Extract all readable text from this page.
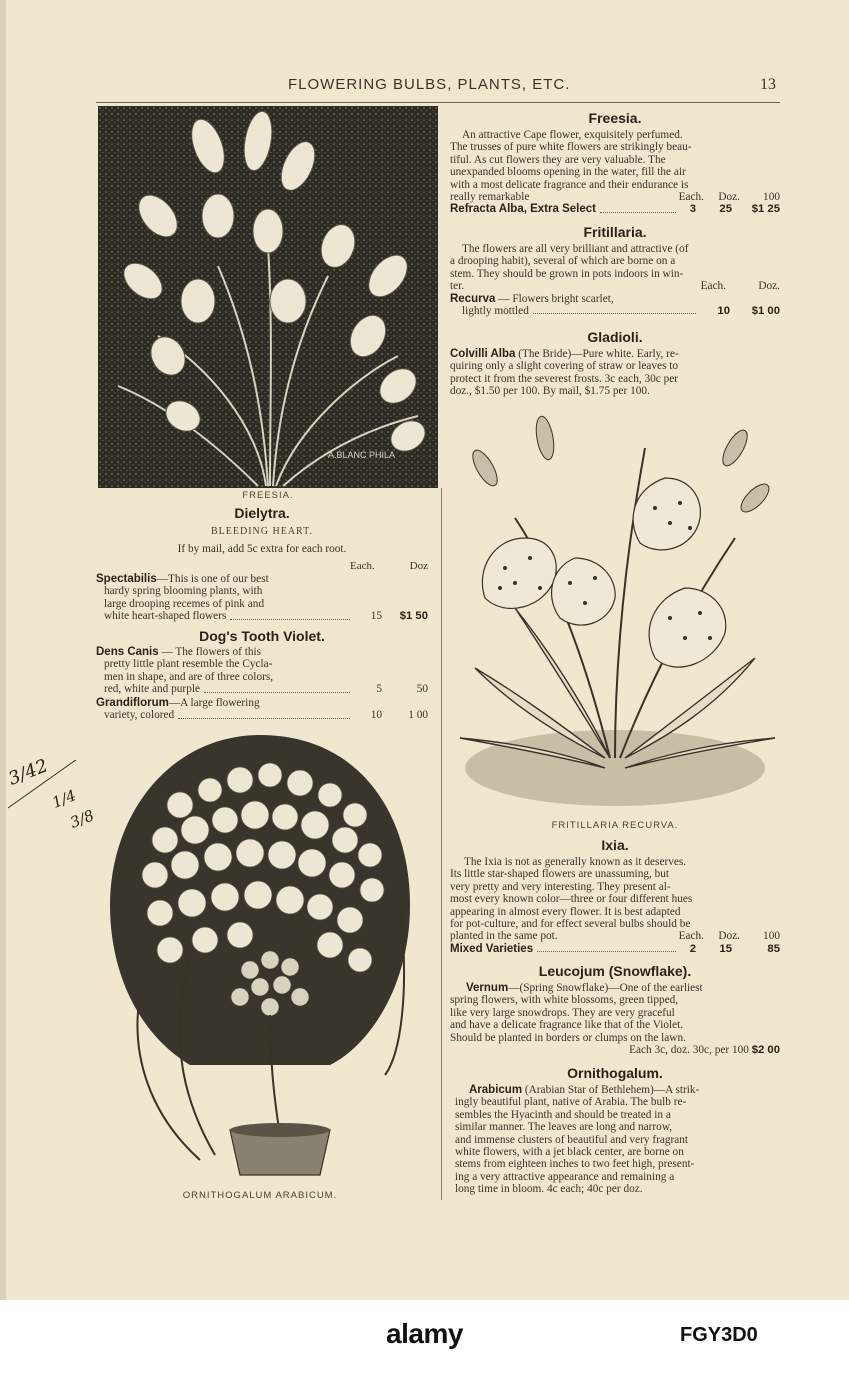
FLOWERING BULBS, PLANTS, ETC.	13
A.BLANC PHILA
FREESIA.
Dielytra.
BLEEDING HEART.
If by mail, add 5c extra for each root.
Each.	Doz
Spectabilis—This is one of our best
hardy spring blooming plants, with
large drooping recemes of pink and
white heart-shaped flowers	15	$1 50
Dog's Tooth Violet.
Dens Canis — The flowers of this
pretty little plant resemble the Cycla-
men in shape, and are of three colors,
red, white and purple	5	50
Grandiflorum—A large flowering
variety, colored	10	1 00
3/42
1/4
3/8
ORNITHOGALUM ARABICUM.
Freesia.
An attractive Cape flower, exquisitely perfumed.
The trusses of pure white flowers are strikingly beau-
tiful. As cut flowers they are very valuable. The
unexpanded blooms opening in the water, fill the air
with a most delicate fragrance and their endurance is
really remarkable	Each.	Doz.	100
Refracta Alba, Extra Select	3	25	$1 25
Fritillaria.
The flowers are all very brilliant and attractive (of
a drooping habit), several of which are borne on a
stem. They should be grown in pots indoors in win-
ter.	Each.	Doz.
Recurva — Flowers bright scarlet,
lightly mottled	10	$1 00
Gladioli.
Colvilli Alba (The Bride)—Pure white. Early, re-
quiring only a slight covering of straw or leaves to
protect it from the severest frosts. 3c each, 30c per
doz., $1.50 per 100. By mail, $1.75 per 100.
FRITILLARIA RECURVA.
Ixia.
The Ixia is not as generally known as it deserves.
Its little star-shaped flowers are unassuming, but
very pretty and very interesting. They present al-
most every known color—three or four different hues
appearing in almost every flower. It is best adapted
for pot-culture, and for effect several bulbs should be
planted in the same pot.	Each.	Doz.	100
Mixed Varieties	2	15	85
Leucojum (Snowflake).
Vernum—(Spring Snowflake)—One of the earliest
spring flowers, with white blossoms, green tipped,
like very large snowdrops. They are very graceful
and have a delicate fragrance like that of the Violet.
Should be planted in borders or clumps on the lawn.
Each 3c, doz. 30c, per 100 $2 00
Ornithogalum.
Arabicum (Arabian Star of Bethlehem)—A strik-
ingly beautiful plant, native of Arabia. The bulb re-
sembles the Hyacinth and should be treated in a
similar manner. The leaves are long and narrow,
and immense clusters of beautiful and very fragrant
white flowers, with a jet black center, are borne on
stems from eighteen inches to two feet high, present-
ing a very attractive appearance and remaining a
long time in bloom. 4c each; 40c per doz.
alamy	FGY3D0
